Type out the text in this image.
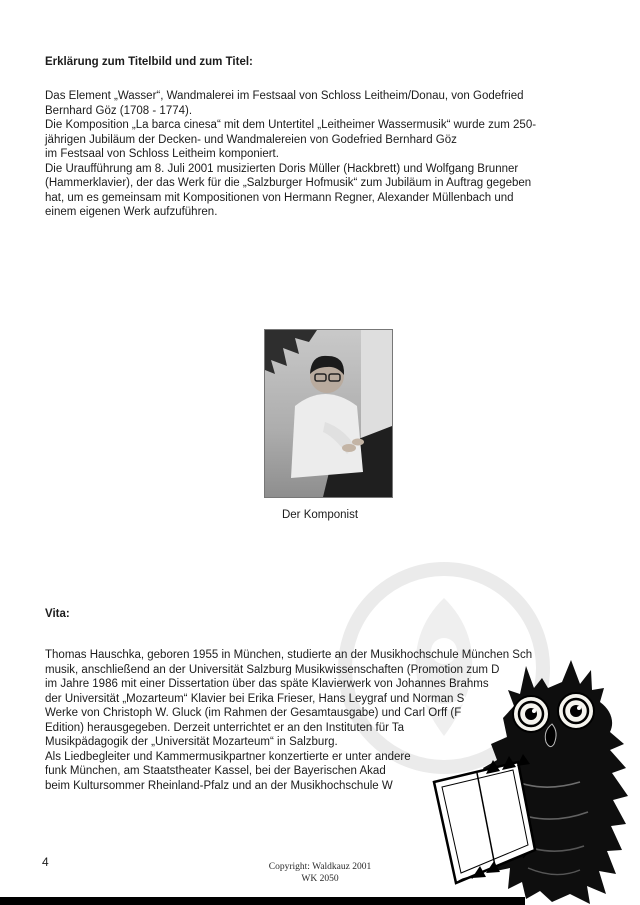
Erklärung zum Titelbild und zum Titel:
Das Element „Wasser“, Wandmalerei im Festsaal von Schloss Leitheim/Donau, von Godefried
Bernhard Göz (1708 - 1774).
Die Komposition „La barca cinesa“ mit dem Untertitel „Leitheimer Wassermusik“ wurde zum 250-
jährigen Jubiläum der Decken- und Wandmalereien von Godefried Bernhard Göz
im Festsaal von Schloss Leitheim komponiert.
Die Uraufführung am 8. Juli 2001 musizierten Doris Müller (Hackbrett) und Wolfgang Brunner
(Hammerklavier), der das Werk für die „Salzburger Hofmusik“ zum Jubiläum in Auftrag gegeben
hat, um es gemeinsam mit Kompositionen von Hermann Regner, Alexander Müllenbach und
einem eigenen Werk aufzuführen.
Der Komponist
Vita:
Thomas Hauschka, geboren 1955 in München, studierte an der Musikhochschule München Sch
musik, anschließend an der Universität Salzburg Musikwissenschaften (Promotion zum D
im Jahre 1986 mit einer Dissertation über das späte Klavierwerk von Johannes Brahms
der Universität „Mozarteum“ Klavier bei Erika Frieser, Hans Leygraf und Norman S
Werke von Christoph W. Gluck (im Rahmen der Gesamtausgabe) und Carl Orff (F
Edition) herausgegeben. Derzeit unterrichtet er an den Instituten für Ta
Musikpädagogik der „Universität Mozarteum“ in Salzburg.
Als Liedbegleiter und Kammermusikpartner konzertierte er unter andere
funk München, am Staatstheater Kassel, bei der Bayerischen Akad
beim Kultursommer Rheinland-Pfalz und an der Musikhochschule W
4	Copyright: Waldkauz 2001
WK 2050
